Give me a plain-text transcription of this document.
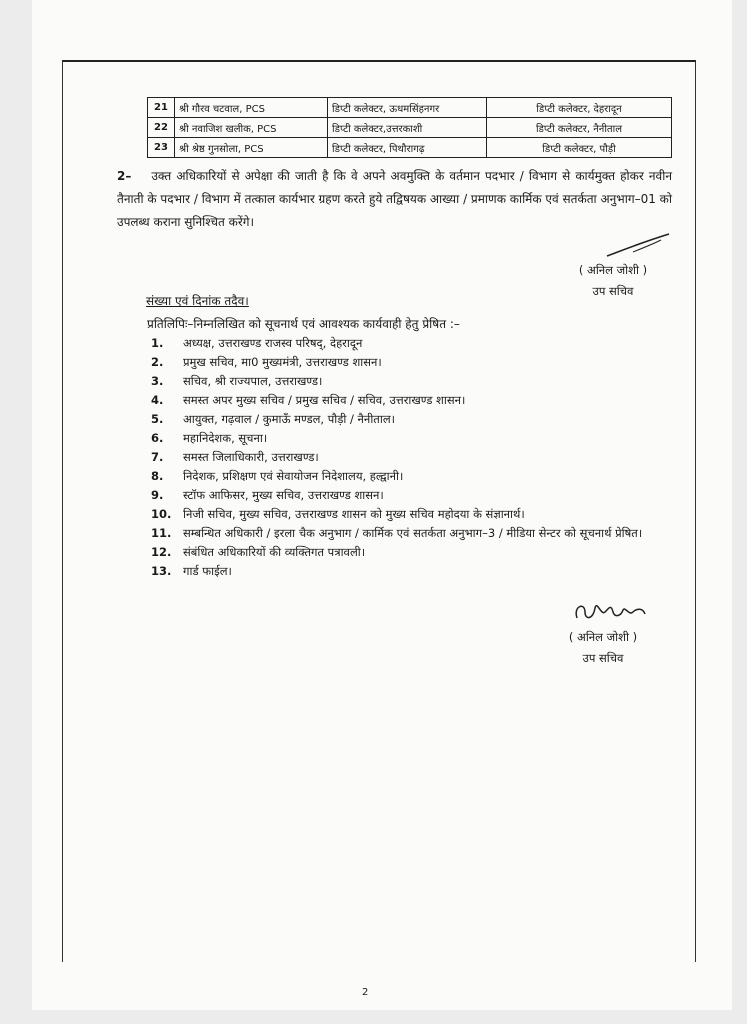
21	श्री गौरव चटवाल, PCS	डिप्टी कलेक्टर, ऊधमसिंहनगर	डिप्टी कलेक्टर, देहरादून
22	श्री नवाजिश खलीक, PCS	डिप्टी कलेक्टर,उत्तरकाशी	डिप्टी कलेक्टर, नैनीताल
23	श्री श्रेष्ठ गुनसोला, PCS	डिप्टी कलेक्टर, पिथौरागढ़	डिप्टी कलेक्टर, पौड़ी
2– उक्त अधिकारियों से अपेक्षा की जाती है कि वे अपने अवमुक्ति के वर्तमान पदभार / विभाग से कार्यमुक्त होकर नवीन तैनाती के पदभार / विभाग में तत्काल कार्यभार ग्रहण करते हुये तद्विषयक आख्या / प्रमाणक कार्मिक एवं सतर्कता अनुभाग–01 को उपलब्ध कराना सुनिश्चित करेंगे।
( अनिल जोशी )
उप सचिव
संख्या एवं दिनांक तदैव।
प्रतिलिपिः–निम्नलिखित को सूचनार्थ एवं आवश्यक कार्यवाही हेतु प्रेषित :–
1.	अध्यक्ष, उत्तराखण्ड राजस्व परिषद्, देहरादून
2.	प्रमुख सचिव, मा0 मुख्यमंत्री, उत्तराखण्ड शासन।
3.	सचिव, श्री राज्यपाल, उत्तराखण्ड।
4.	समस्त अपर मुख्य सचिव / प्रमुख सचिव / सचिव, उत्तराखण्ड शासन।
5.	आयुक्त, गढ़वाल / कुमाऊँ मण्डल, पौड़ी / नैनीताल।
6.	महानिदेशक, सूचना।
7.	समस्त जिलाधिकारी, उत्तराखण्ड।
8.	निदेशक, प्रशिक्षण एवं सेवायोजन निदेशालय, हल्द्वानी।
9.	स्टॉफ आफिसर, मुख्य सचिव, उत्तराखण्ड शासन।
10.	निजी सचिव, मुख्य सचिव, उत्तराखण्ड शासन को मुख्य सचिव महोदया के संज्ञानार्थ।
11.	सम्बन्धित अधिकारी / इरला चैक अनुभाग / कार्मिक एवं सतर्कता अनुभाग–3 / मीडिया सेन्टर को सूचनार्थ प्रेषित।
12.	संबंधित अधिकारियों की व्यक्तिगत पत्रावली।
13.	गार्ड फाईल।
( अनिल जोशी )
उप सचिव
2
